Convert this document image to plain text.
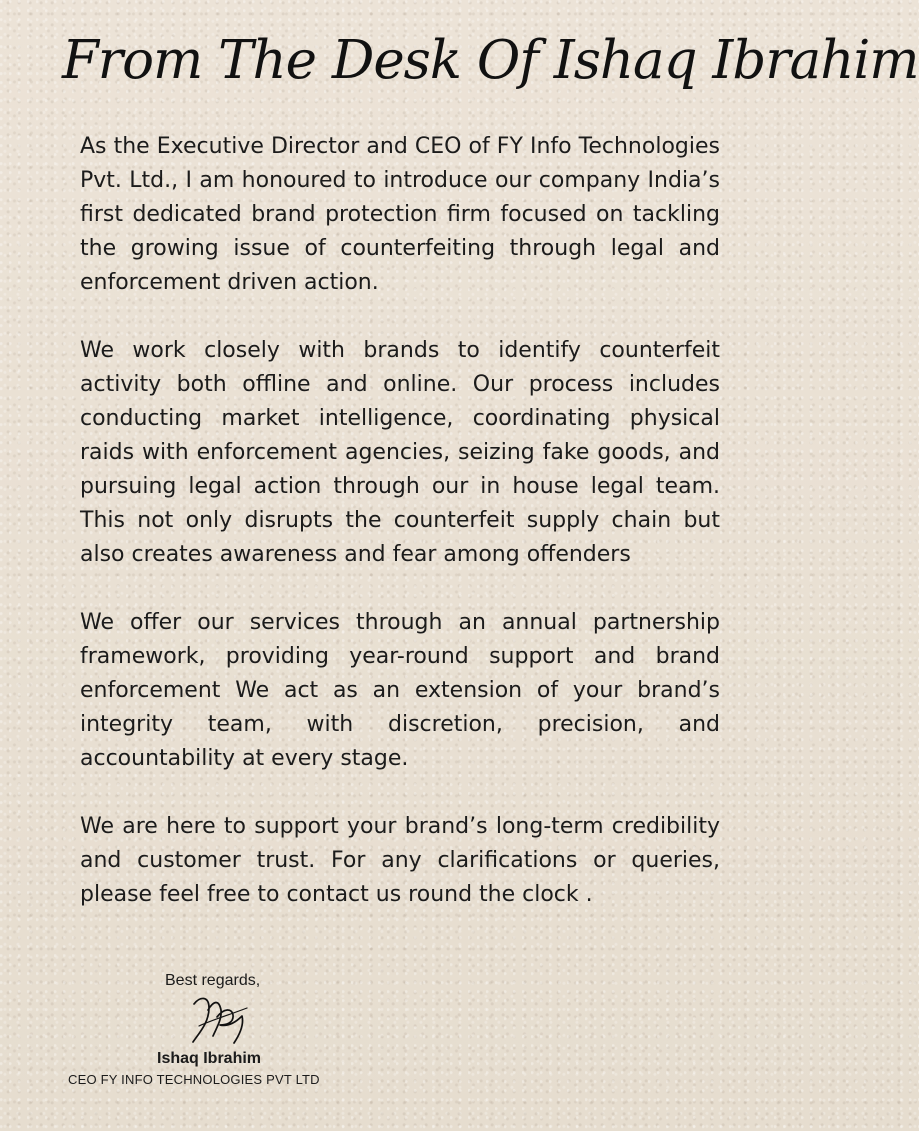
From The Desk Of Ishaq Ibrahim

As the Executive Director and CEO of FY Info Technologies Pvt. Ltd., I am honoured to introduce our company India’s first dedicated brand protection firm focused on tackling the growing issue of counterfeiting through legal and enforcement driven action.

We work closely with brands to identify counterfeit activity both offline and online. Our process includes conducting market intelligence, coordinating physical raids with enforcement agencies, seizing fake goods, and pursuing legal action through our in house legal team. This not only disrupts the counterfeit supply chain but also creates awareness and fear among offenders

We offer our services through an annual partnership framework, providing year-round support and brand enforcement We act as an extension of your brand’s integrity team, with discretion, precision, and accountability at every stage.

We are here to support your brand’s long-term credibility and customer trust. For any clarifications or queries, please feel free to contact us round the clock .

Best regards,
Ishaq Ibrahim
CEO FY INFO TECHNOLOGIES PVT LTD
